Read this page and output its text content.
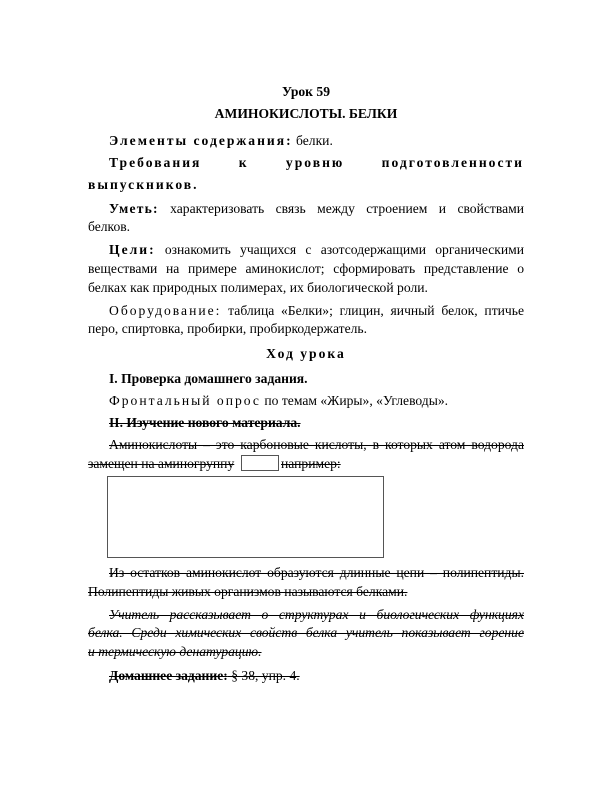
Урок 59
АМИНОКИСЛОТЫ. БЕЛКИ
Элементы содержания: белки.
Требования к уровню подготовленности
выпускников.
Уметь: характеризовать связь между строением и свойствами
белков.
Цели: ознакомить учащихся с азотсодержащими органическими
веществами на примере аминокислот; сформировать представление о
белках как природных полимерах, их биологической роли.
Оборудование: таблица «Белки»; глицин, яичный белок, птичье
перо, спиртовка, пробирки, пробиркодержатель.
Ход урока
I. Проверка домашнего задания.
Фронтальный опрос по темам «Жиры», «Углеводы».
II. Изучение нового материала.
Аминокислоты – это карбоновые кислоты, в которых атом водорода
замещен на аминогруппу	например:
Из остатков аминокислот образуются длинные цепи – полипептиды.
Полипептиды живых организмов называются белками.
Учитель рассказывает о структурах и биологических функциях
белка. Среди химических свойств белка учитель показывает горение
и термическую денатурацию.
Домашнее задание: § 38, упр. 4.
